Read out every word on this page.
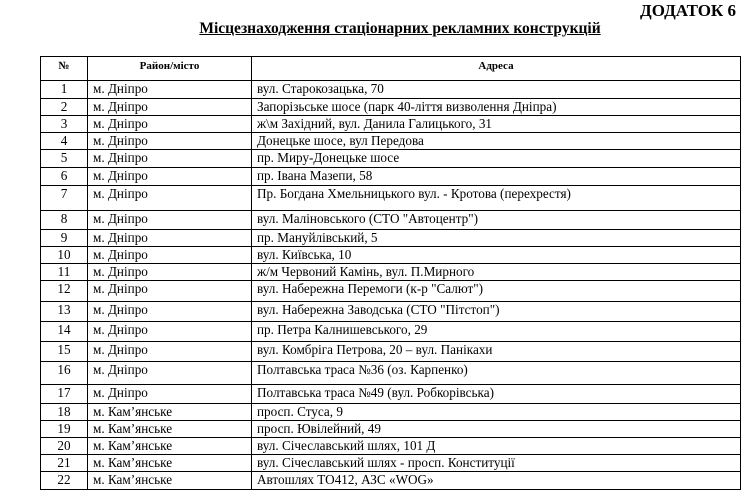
ДОДАТОК 6
Місцезнаходження стаціонарних рекламних конструкцій
№	Район/місто	Адреса
1	м. Дніпро	вул. Старокозацька, 70
2	м. Дніпро	Запорізьське шосе (парк 40-ліття визволення Дніпра)
3	м. Дніпро	ж\м Західний, вул. Данила Галицького, 31
4	м. Дніпро	Донецьке шосе, вул Передова
5	м. Дніпро	пр. Миру-Донецьке шосе
6	м. Дніпро	пр. Івана Мазепи, 58
7	м. Дніпро	Пр. Богдана Хмельницького вул. - Кротова (перехрестя)
8	м. Дніпро	вул. Маліновського (СТО "Автоцентр")
9	м. Дніпро	пр. Мануйлівський, 5
10	м. Дніпро	вул. Київська, 10
11	м. Дніпро	ж/м Червоний Камінь, вул. П.Мирного
12	м. Дніпро	вул. Набережна Перемоги (к-р "Салют")
13	м. Дніпро	вул. Набережна Заводська (СТО "Пітстоп")
14	м. Дніпро	пр. Петра Калнишевського, 29
15	м. Дніпро	вул. Комбріга Петрова, 20 – вул. Панікахи
16	м. Дніпро	Полтавська траса №36 (оз. Карпенко)
17	м. Дніпро	Полтавська траса №49 (вул. Робкорівська)
18	м. Кам’янське	просп. Стуса, 9
19	м. Кам’янське	просп. Ювілейний, 49
20	м. Кам’янське	вул. Січеславський шлях, 101 Д
21	м. Кам’янське	вул. Січеславський шлях - просп. Конституції
22	м. Кам’янське	Автошлях ТО412, АЗС «WOG»
